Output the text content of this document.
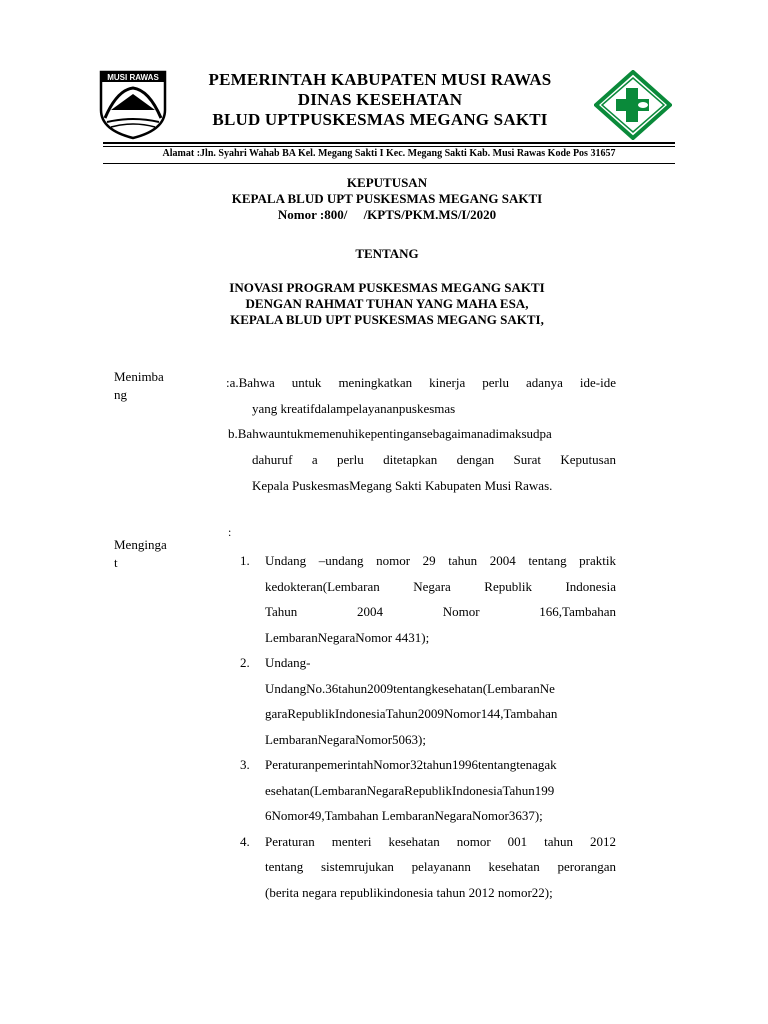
MUSI RAWAS	PEMERINTAH KABUPATEN MUSI RAWAS
DINAS KESEHATAN
BLUD UPTPUSKESMAS MEGANG SAKTI
Alamat :Jln. Syahri Wahab BA Kel. Megang Sakti I Kec. Megang Sakti Kab. Musi Rawas Kode Pos 31657
KEPUTUSAN
KEPALA BLUD UPT PUSKESMAS MEGANG SAKTI
Nomor :800/     /KPTS/PKM.MS/I/2020
TENTANG
INOVASI PROGRAM PUSKESMAS MEGANG SAKTI
DENGAN RAHMAT TUHAN YANG MAHA ESA,
KEPALA BLUD UPT PUSKESMAS MEGANG SAKTI,
Menimba
ng
:a.Bahwa untuk meningkatkan kinerja perlu adanya ide-ide
yang kreatifdalampelayananpuskesmas
b.Bahwauntukmemenuhikepentingansebagaimanadimaksudpa
dahuruf a perlu ditetapkan dengan Surat Keputusan
Kepala PuskesmasMegang Sakti Kabupaten Musi Rawas.
:
Menginga
t	1. Undang –undang nomor 29 tahun 2004 tentang praktik
kedokteran(Lembaran Negara Republik Indonesia
Tahun 2004 Nomor 166,Tambahan
LembaranNegaraNomor 4431);
2. Undang-
UndangNo.36tahun2009tentangkesehatan(LembaranNe
garaRepublikIndonesiaTahun2009Nomor144,Tambahan
LembaranNegaraNomor5063);
3. PeraturanpemerintahNomor32tahun1996tentangtenagak
esehatan(LembaranNegaraRepublikIndonesiaTahun199
6Nomor49,Tambahan LembaranNegaraNomor3637);
4. Peraturan menteri kesehatan nomor 001 tahun 2012
tentang sistemrujukan pelayanann kesehatan perorangan
(berita negara republikindonesia tahun 2012 nomor22);
